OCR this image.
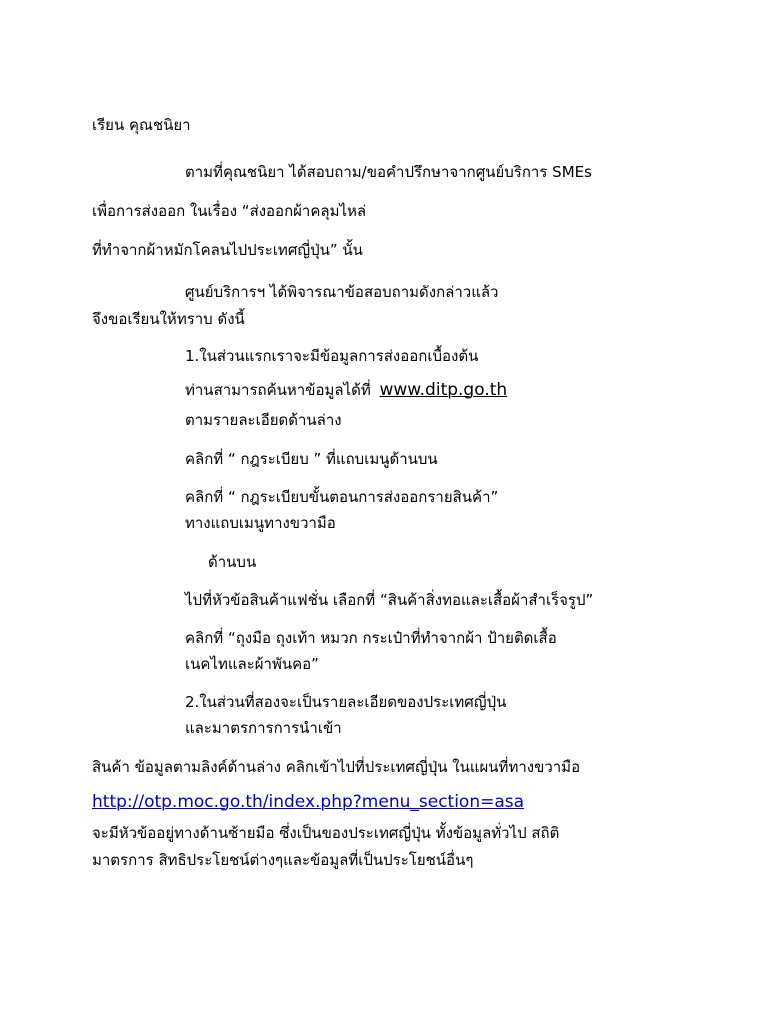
เรียน คุณชนิยา
ตามที่คุณชนิยา ได้สอบถาม/ขอคำปรึกษาจากศูนย์บริการ SMEs
เพื่อการส่งออก ในเรื่อง “ส่งออกผ้าคลุมไหล่
ที่ทำจากผ้าหมักโคลนไปประเทศญี่ปุ่น” นั้น
ศูนย์บริการฯ ได้พิจารณาข้อสอบถามดังกล่าวแล้ว
จึงขอเรียนให้ทราบ ดังนี้
1.ในส่วนแรกเราจะมีข้อมูลการส่งออกเบื้องต้น
ท่านสามารถค้นหาข้อมูลได้ที่ www.ditp.go.th
ตามรายละเอียดด้านล่าง
คลิกที่ “ กฎระเบียบ ” ที่แถบเมนูด้านบน
คลิกที่ “ กฎระเบียบขั้นตอนการส่งออกรายสินค้า”
ทางแถบเมนูทางขวามือ
ด้านบน
ไปที่หัวข้อสินค้าแฟชั่น เลือกที่ “สินค้าสิ่งทอและเสื้อผ้าสำเร็จรูป”
คลิกที่ “ถุงมือ ถุงเท้า หมวก กระเป๋าที่ทำจากผ้า ป้ายติดเสื้อ
เนคไทและผ้าพันคอ”
2.ในส่วนที่สองจะเป็นรายละเอียดของประเทศญี่ปุ่น
และมาตรการการนำเข้า
สินค้า ข้อมูลตามลิงค์ด้านล่าง คลิกเข้าไปที่ประเทศญี่ปุ่น ในแผนที่ทางขวามือ
http://otp.moc.go.th/index.php?menu_section=asa
จะมีหัวข้ออยู่ทางด้านซ้ายมือ ซึ่งเป็นของประเทศญี่ปุ่น ทั้งข้อมูลทั่วไป สถิติ
มาตรการ สิทธิประโยชน์ต่างๆและข้อมูลที่เป็นประโยชน์อื่นๆ
